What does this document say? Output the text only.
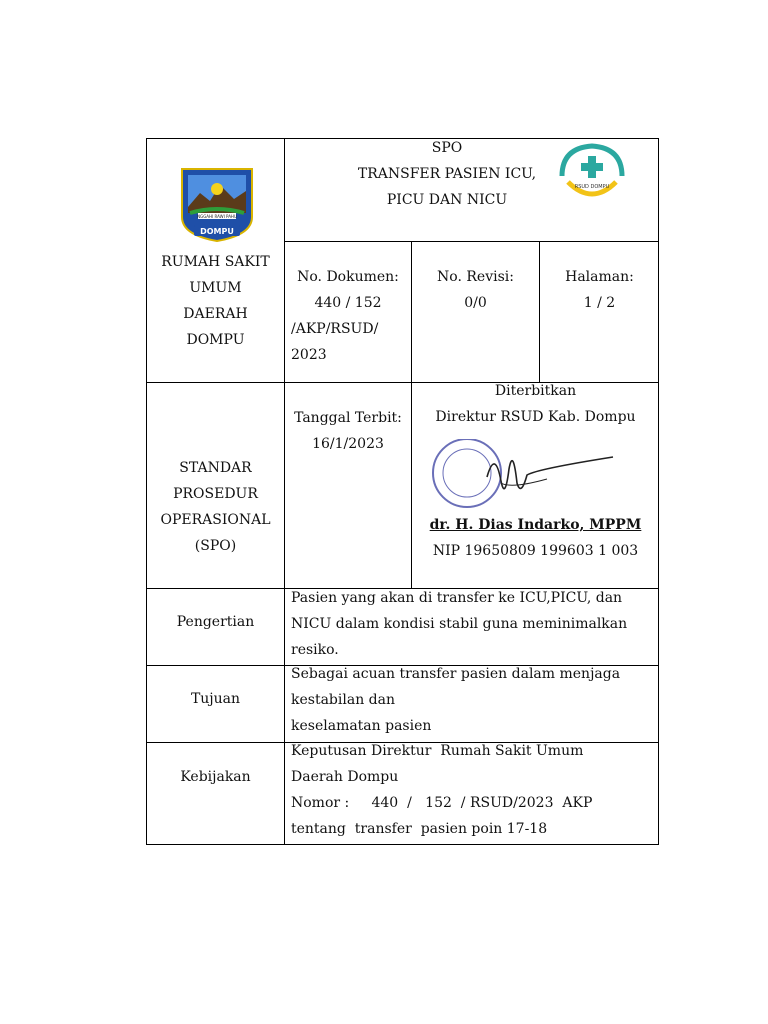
NGGAHI RAWI PAHU
DOMPU
RUMAH SAKIT
UMUM
DAERAH
DOMPU
SPO
TRANSFER PASIEN ICU,
PICU DAN NICU
RSUD DOMPU
No. Dokumen:
440 / 152
/AKP/RSUD/
2023
No. Revisi:
0/0
Halaman:
1 / 2
STANDAR
PROSEDUR
OPERASIONAL
(SPO)
Tanggal Terbit:
16/1/2023
Diterbitkan
Direktur RSUD Kab. Dompu
dr. H. Dias Indarko, MPPM
NIP 19650809 199603 1 003
Pengertian
Pasien yang akan di transfer ke ICU,PICU, dan
NICU dalam kondisi stabil guna meminimalkan
resiko.
Tujuan
Sebagai acuan transfer pasien dalam menjaga
kestabilan dan
keselamatan pasien
Kebijakan
Keputusan Direktur  Rumah Sakit Umum
Daerah Dompu
Nomor :     440  /   152  / RSUD/2023  AKP
tentang  transfer  pasien poin 17-18
